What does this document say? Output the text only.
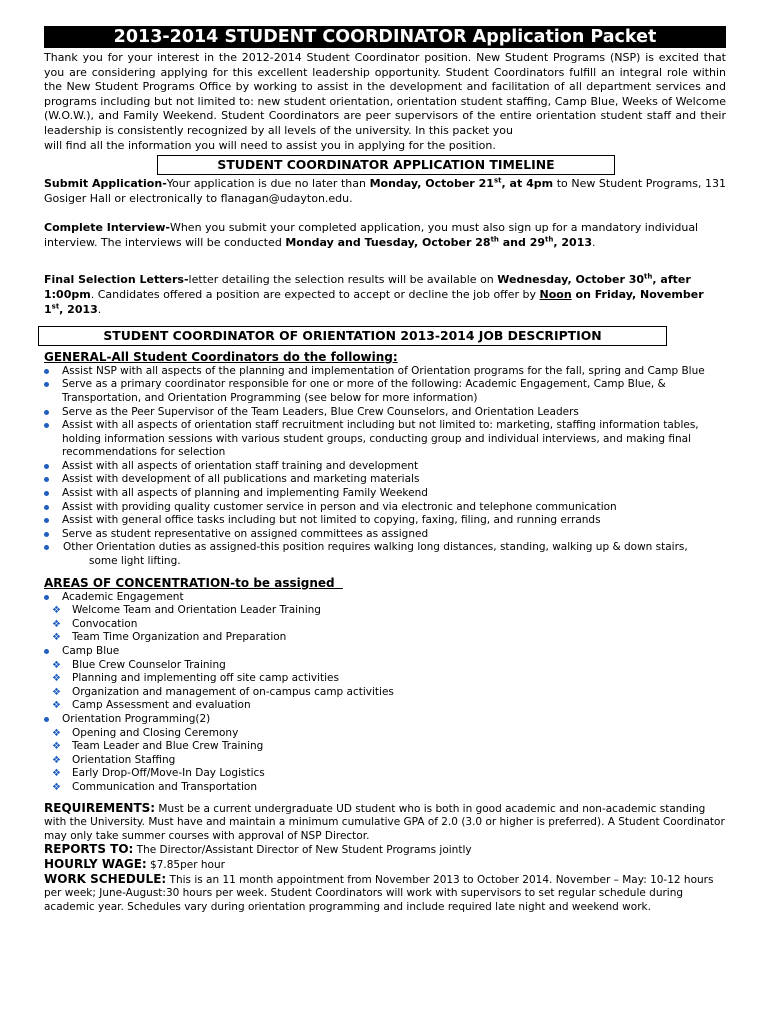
2013-2014 STUDENT COORDINATOR Application Packet

Thank you for your interest in the 2012-2014 Student Coordinator position. New Student Programs (NSP) is excited that you are considering applying for this excellent leadership opportunity. Student Coordinators fulfill an integral role within the New Student Programs Office by working to assist in the development and facilitation of all department services and programs including but not limited to: new student orientation, orientation student staffing, Camp Blue, Weeks of Welcome (W.O.W.), and Family Weekend. Student Coordinators are peer supervisors of the entire orientation student staff and their leadership is consistently recognized by all levels of the university. In this packet you
will find all the information you will need to assist you in applying for the position.

STUDENT COORDINATOR APPLICATION TIMELINE

Submit Application-Your application is due no later than Monday, October 21st, at 4pm to New Student Programs, 131 Gosiger Hall or electronically to flanagan@udayton.edu.

Complete Interview-When you submit your completed application, you must also sign up for a mandatory individual interview. The interviews will be conducted Monday and Tuesday, October 28th and 29th, 2013.

Final Selection Letters-letter detailing the selection results will be available on Wednesday, October 30th, after 1:00pm. Candidates offered a position are expected to accept or decline the job offer by Noon on Friday, November 1st, 2013.

STUDENT COORDINATOR OF ORIENTATION 2013-2014 JOB DESCRIPTION

GENERAL-All Student Coordinators do the following:

Assist NSP with all aspects of the planning and implementation of Orientation programs for the fall, spring and Camp Blue
Serve as a primary coordinator responsible for one or more of the following: Academic Engagement, Camp Blue, & Transportation, and Orientation Programming (see below for more information)
Serve as the Peer Supervisor of the Team Leaders, Blue Crew Counselors, and Orientation Leaders
Assist with all aspects of orientation staff recruitment including but not limited to: marketing, staffing information tables, holding information sessions with various student groups, conducting group and individual interviews, and making final recommendations for selection
Assist with all aspects of orientation staff training and development
Assist with development of all publications and marketing materials
Assist with all aspects of planning and implementing Family Weekend
Assist with providing quality customer service in person and via electronic and telephone communication
Assist with general office tasks including but not limited to copying, faxing, filing, and running errands
Serve as student representative on assigned committees as assigned
Other Orientation duties as assigned-this position requires walking long distances, standing, walking up & down stairs,
some light lifting.

AREAS OF CONCENTRATION-to be assigned

Academic Engagement
❖ Welcome Team and Orientation Leader Training
❖ Convocation
❖ Team Time Organization and Preparation
Camp Blue
❖ Blue Crew Counselor Training
❖ Planning and implementing off site camp activities
❖ Organization and management of on-campus camp activities
❖ Camp Assessment and evaluation
Orientation Programming(2)
❖ Opening and Closing Ceremony
❖ Team Leader and Blue Crew Training
❖ Orientation Staffing
❖ Early Drop-Off/Move-In Day Logistics
❖ Communication and Transportation

REQUIREMENTS: Must be a current undergraduate UD student who is both in good academic and non-academic standing with the University. Must have and maintain a minimum cumulative GPA of 2.0 (3.0 or higher is preferred). A Student Coordinator may only take summer courses with approval of NSP Director.

REPORTS TO: The Director/Assistant Director of New Student Programs jointly

HOURLY WAGE: $7.85per hour

WORK SCHEDULE: This is an 11 month appointment from November 2013 to October 2014. November – May: 10-12 hours per week; June-August:30 hours per week. Student Coordinators will work with supervisors to set regular schedule during academic year. Schedules vary during orientation programming and include required late night and weekend work.
